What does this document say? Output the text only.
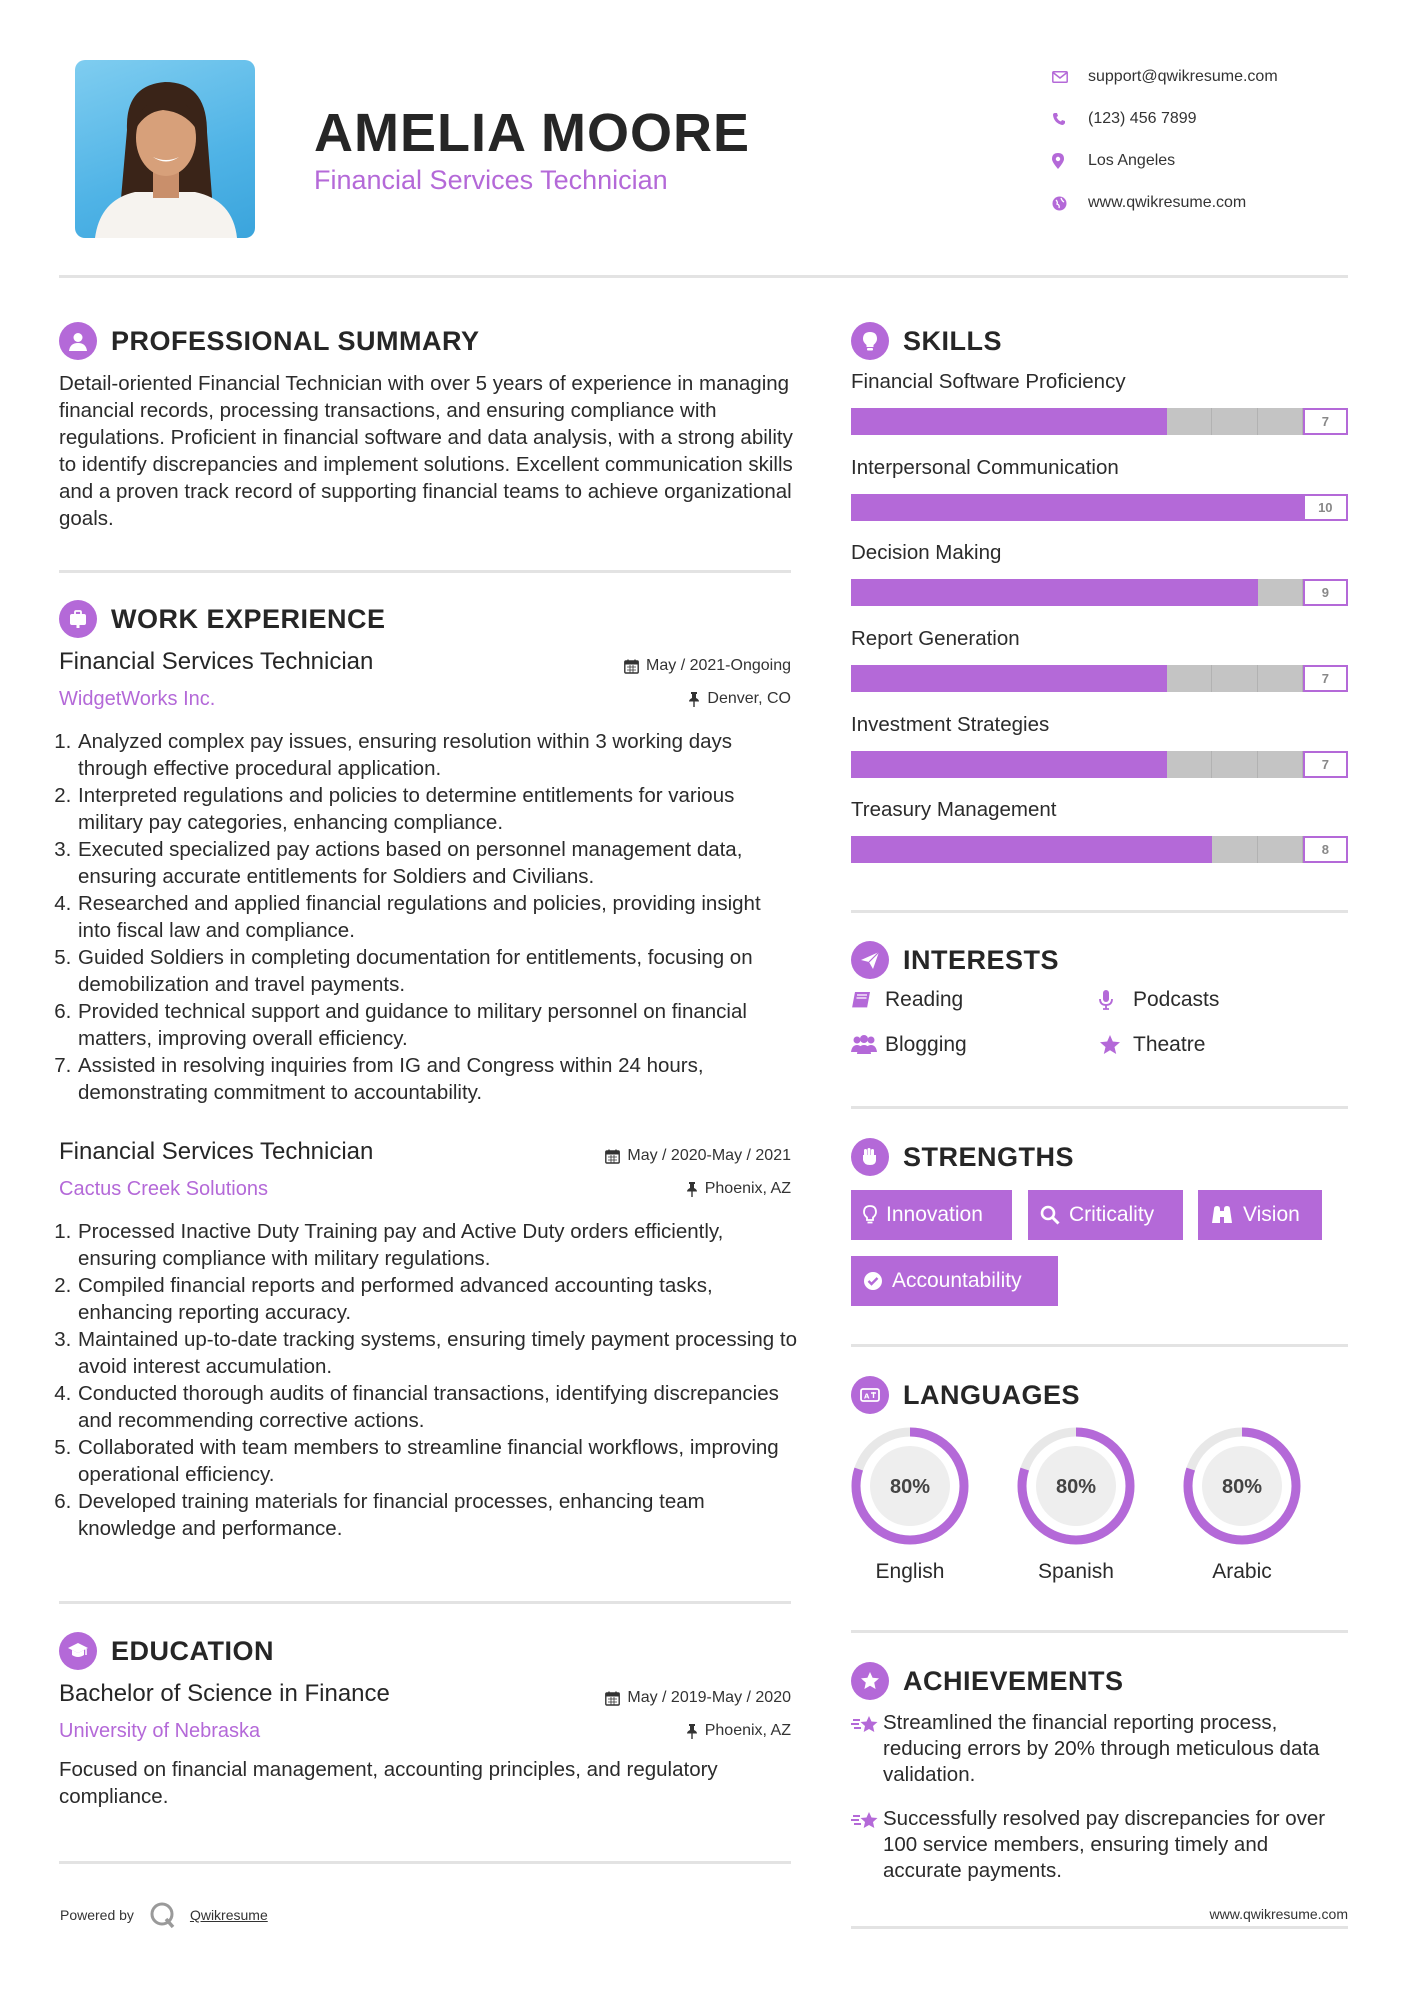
AMELIA MOORE
Financial Services Technician
support@qwikresume.com
(123) 456 7899
Los Angeles
www.qwikresume.com
PROFESSIONAL SUMMARY
Detail-oriented Financial Technician with over 5 years of experience in managing financial records, processing transactions, and ensuring compliance with regulations. Proficient in financial software and data analysis, with a strong ability to identify discrepancies and implement solutions. Excellent communication skills and a proven track record of supporting financial teams to achieve organizational goals.
WORK EXPERIENCE
Financial Services Technician	May / 2021-Ongoing
WidgetWorks Inc.	Denver, CO
1. Analyzed complex pay issues, ensuring resolution within 3 working days through effective procedural application.
2. Interpreted regulations and policies to determine entitlements for various military pay categories, enhancing compliance.
3. Executed specialized pay actions based on personnel management data, ensuring accurate entitlements for Soldiers and Civilians.
4. Researched and applied financial regulations and policies, providing insight into fiscal law and compliance.
5. Guided Soldiers in completing documentation for entitlements, focusing on demobilization and travel payments.
6. Provided technical support and guidance to military personnel on financial matters, improving overall efficiency.
7. Assisted in resolving inquiries from IG and Congress within 24 hours, demonstrating commitment to accountability.
Financial Services Technician	May / 2020-May / 2021
Cactus Creek Solutions	Phoenix, AZ
1. Processed Inactive Duty Training pay and Active Duty orders efficiently, ensuring compliance with military regulations.
2. Compiled financial reports and performed advanced accounting tasks, enhancing reporting accuracy.
3. Maintained up-to-date tracking systems, ensuring timely payment processing to avoid interest accumulation.
4. Conducted thorough audits of financial transactions, identifying discrepancies and recommending corrective actions.
5. Collaborated with team members to streamline financial workflows, improving operational efficiency.
6. Developed training materials for financial processes, enhancing team knowledge and performance.
EDUCATION
Bachelor of Science in Finance	May / 2019-May / 2020
University of Nebraska	Phoenix, AZ
Focused on financial management, accounting principles, and regulatory compliance.
SKILLS
Financial Software Proficiency
7
Interpersonal Communication
10
Decision Making
9
Report Generation
7
Investment Strategies
7
Treasury Management
8
INTERESTS
Reading	Podcasts
Blogging	Theatre
STRENGTHS
Innovation	Criticality	Vision
Accountability
A LANGUAGES
80%
English
80%
Spanish
80%
Arabic
ACHIEVEMENTS
Streamlined the financial reporting process, reducing errors by 20% through meticulous data validation.
Successfully resolved pay discrepancies for over 100 service members, ensuring timely and accurate payments.
Powered by	Qwikresume	www.qwikresume.com
